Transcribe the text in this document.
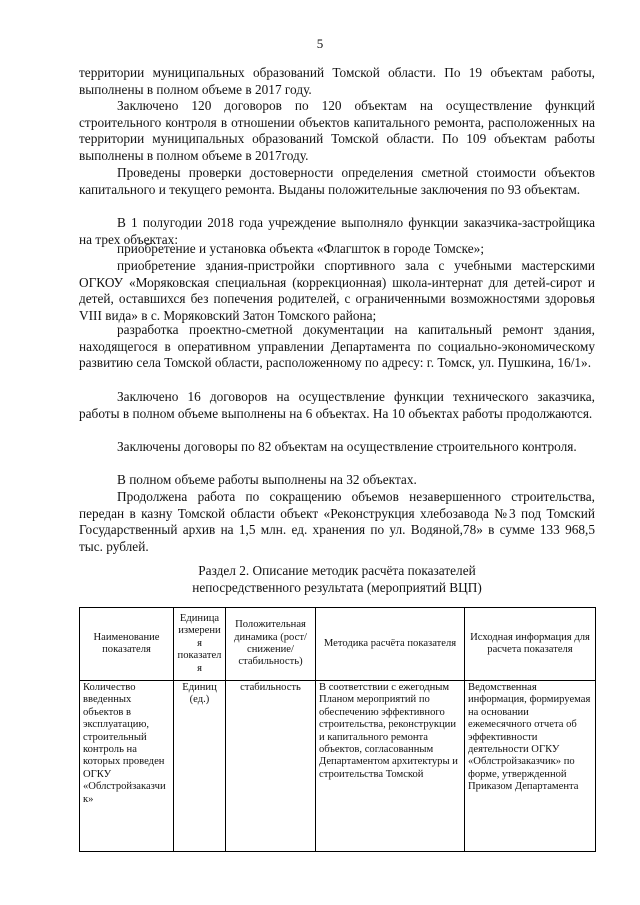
5

территории муниципальных образований Томской области. По 19 объектам работы, выполнены в полном объеме в 2017 году.

Заключено 120 договоров по 120 объектам на осуществление функций строительного контроля в отношении объектов капитального ремонта, расположенных на территории муниципальных образований Томской области. По 109 объектам работы выполнены в полном объеме в 2017году.

Проведены проверки достоверности определения сметной стоимости объектов капитального и текущего ремонта. Выданы положительные заключения по 93 объектам.

В 1 полугодии 2018 года учреждение выполняло функции заказчика-застройщика на трех объектах:

приобретение и установка объекта «Флагшток в городе Томске»;

приобретение здания-пристройки спортивного зала с учебными мастерскими ОГКОУ «Моряковская специальная (коррекционная) школа-интернат для детей-сирот и детей, оставшихся без попечения родителей, с ограниченными возможностями здоровья VIII вида» в с. Моряковский Затон Томского района;

разработка проектно-сметной документации на капитальный ремонт здания, находящегося в оперативном управлении Департамента по социально-экономическому развитию села Томской области, расположенному по адресу: г. Томск, ул. Пушкина, 16/1».

Заключено 16 договоров на осуществление функции технического заказчика, работы в полном объеме выполнены на 6 объектах. На 10 объектах работы продолжаются.

Заключены договоры по 82 объектам на осуществление строительного контроля.

В полном объеме работы выполнены на 32 объектах.

Продолжена работа по сокращению объемов незавершенного строительства, передан в казну Томской области объект «Реконструкция хлебозавода №3 под Томский Государственный архив на 1,5 млн. ед. хранения по ул. Водяной,78» в сумме 133 968,5 тыс. рублей.

Раздел 2. Описание методик расчёта показателей
непосредственного результата (мероприятий ВЦП)
Наименование показателя	Единица измерения показателя	Положительная динамика (рост/снижение/ стабильность)	Методика расчёта показателя	Исходная информация для расчета показателя
Количество введенных объектов в эксплуатацию, строительный контроль на которых проведен ОГКУ «Облстройзаказчик»	Единиц (ед.)	стабильность	В соответствии с ежегодным Планом мероприятий по обеспечению эффективного строительства, реконструкции и капитального ремонта объектов, согласованным Департаментом архитектуры и строительства Томской	Ведомственная информация, формируемая на основании ежемесячного отчета об эффективности деятельности ОГКУ «Облстройзаказчик» по форме, утвержденной Приказом Департамента
